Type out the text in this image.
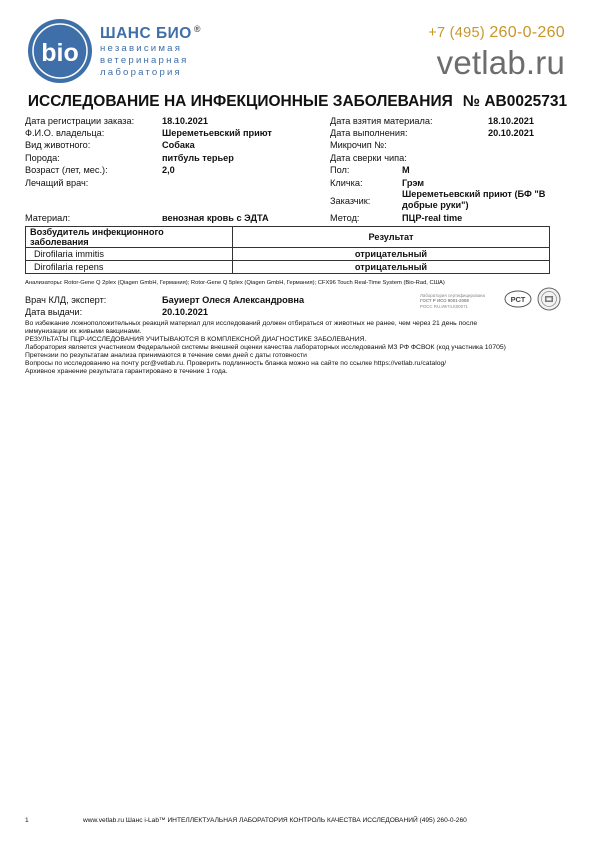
bio
ШАНС БИО ®
независимая
ветеринарная
лаборатория
+7 (495) 260-0-260
vetlab.ru
ИССЛЕДОВАНИЕ НА ИНФЕКЦИОННЫЕ ЗАБОЛЕВАНИЯ № АВ0025731
Дата регистрации заказа:	18.10.2021
Ф.И.О. владельца:	Шереметьевский приют
Вид животного:	Собака
Порода:	питбуль терьер
Возраст (лет, мес.):	2,0
Лечащий врач:
Дата взятия материала:	18.10.2021
Дата выполнения:	20.10.2021
Микрочип №:
Дата сверки чипа:
Пол:	М
Кличка:	Грэм
Заказчик:
Шереметьевский приют (БФ "В
добрые руки")
Материал:	венозная кровь с ЭДТА	Метод:	ПЦР-real time
Возбудитель инфекционного заболевания	Результат
Dirofilaria immitis	отрицательный
Dirofilaria repens	отрицательный
Анализаторы: Rotor-Gene Q 2plex (Qiagen GmbH, Германия); Rotor-Gene Q 5plex (Qiagen GmbH, Германия); CFX96 Touch Real-Time System (Bio-Rad, США)
Лаборатория сертифицирована
ГОСТ Р ИСО 9001-2008
РОСС RU.ИК74.К00071
РСТ
Врач КЛД, эксперт:	Бауиерт Олеся Александровна
Дата выдачи:	20.10.2021
Во избежание ложноположительных реакций материал для исследований должен отбираться от животных не ранее, чем через 21 день после
иммунизации их живыми вакцинами.
РЕЗУЛЬТАТЫ ПЦР-ИССЛЕДОВАНИЯ УЧИТЫВАЮТСЯ В КОМПЛЕКСНОЙ ДИАГНОСТИКЕ ЗАБОЛЕВАНИЯ.
Лаборатория является участником Федеральной системы внешней оценки качества лабораторных исследований МЗ РФ ФСВОК (код участника 10705)
Претензии по результатам анализа принимаются в течение семи дней с даты готовности
Вопросы по исследованию на почту pcr@vetlab.ru. Проверить подлинность бланка можно на сайте по ссылке https://vetlab.ru/catalog/
Архивное хранение результата гарантировано в течение 1 года.
1	www.vetlab.ru Шанс i-Lab™ ИНТЕЛЛЕКТУАЛЬНАЯ ЛАБОРАТОРИЯ КОНТРОЛЬ КАЧЕСТВА ИССЛЕДОВАНИЙ (495) 260-0-260
